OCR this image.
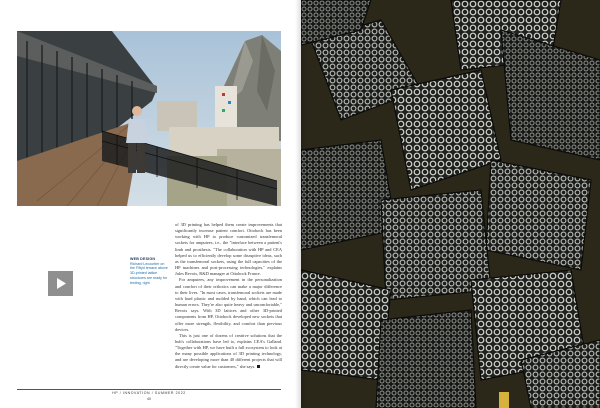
WEB DESIGN
Richard Lecourtier on the Fiftyd terrace above 3D-printed lattice structures are ready for testing, right

of 3D printing has helped them create improvements that significantly increase patient comfort. Ottobock has been working with HP to produce customized transfemoral sockets for amputees, i.e., the "interface between a patient's limb and prosthesis. "The collaboration with HP and CEA helped us to efficiently develop some disruptive ideas, such as the transfemoral sockets, using the full capacities of the HP machines and post-processing technologies," explains Jules Revois, R&D manager at Ottobock France.

For amputees, any improvement in the personalization and comfort of their orthotics can make a major difference to their lives. "In most cases, transfemoral sockets are made with hard plastic and molded by hand, which can lead to human errors. They're also quite heavy and uncomfortable," Revois says. With 3D lattices and other 3D-printed components from HP, Ottobock developed new sockets that offer more strength, flexibility, and comfort than previous devices.

This is just one of dozens of creative solutions that the hub's collaborations have led to, explains CEA's Galland. "Together with HP, we have built a full ecosystem to look at the many possible applications of 3D printing technology, and are developing more than 40 different projects that will directly create value for customers," she says.

HP / INNOVATION / SUMMER 2022
40
